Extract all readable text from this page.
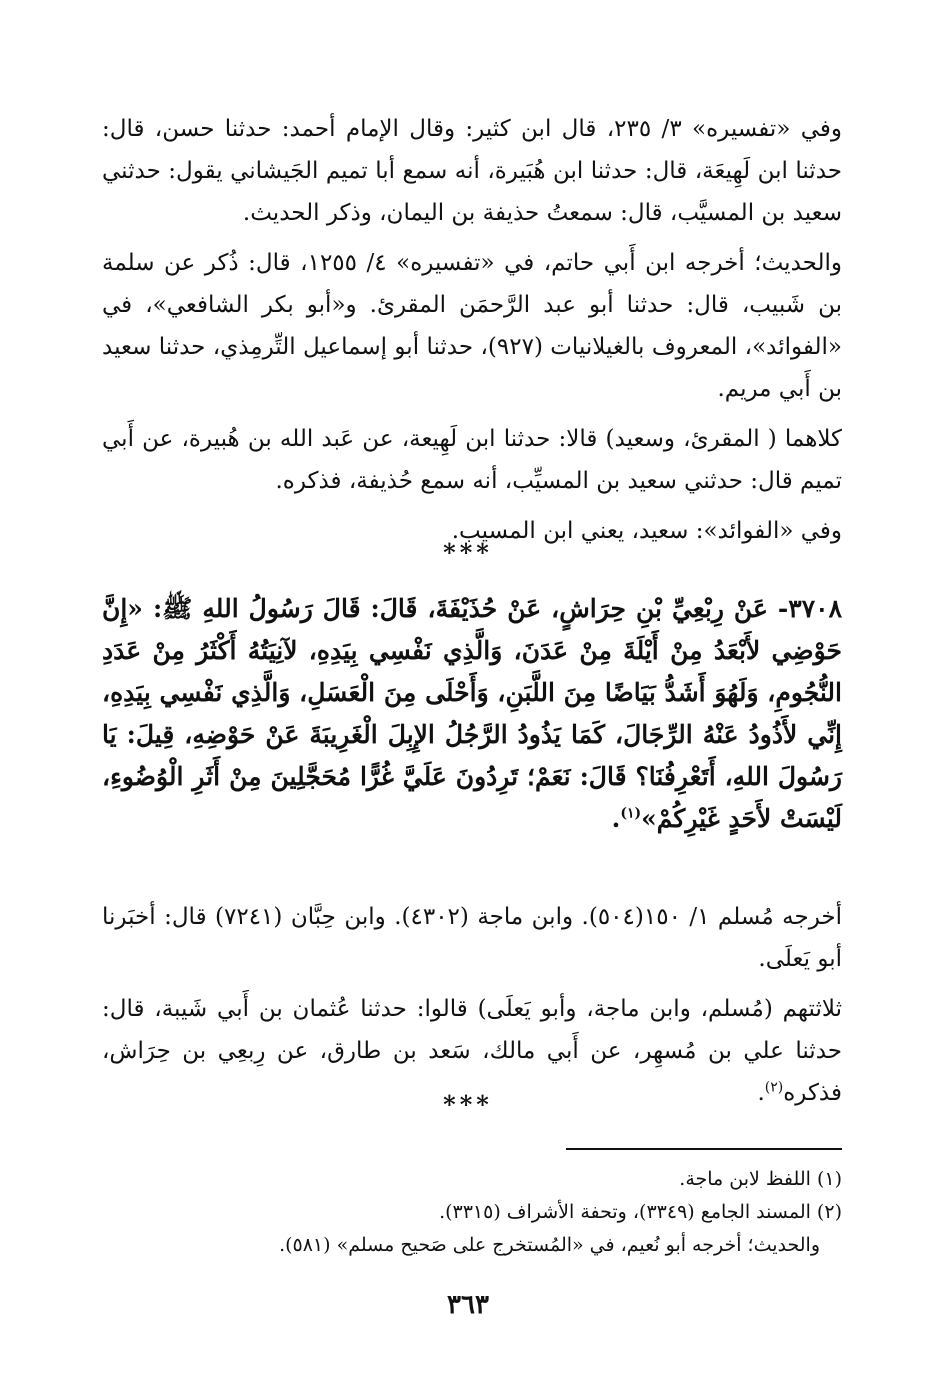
وفي «تفسيره» ٣/ ٢٣٥، قال ابن كثير: وقال الإمام أحمد: حدثنا حسن، قال: حدثنا ابن لَهِيعَة، قال: حدثنا ابن هُبَيرة، أنه سمع أبا تميم الجَيشاني يقول: حدثني سعيد بن المسيَّب، قال: سمعتُ حذيفة بن اليمان، وذكر الحديث.

والحديث؛ أخرجه ابن أَبي حاتم، في «تفسيره» ٤/ ١٢٥٥، قال: ذُكر عن سلمة بن شَبيب، قال: حدثنا أبو عبد الرَّحمَن المقرئ. و«أبو بكر الشافعي»، في «الفوائد»، المعروف بالغيلانيات (٩٢٧)، حدثنا أبو إسماعيل التِّرمِذي، حدثنا سعيد بن أَبي مريم.

كلاهما ( المقرئ، وسعيد) قالا: حدثنا ابن لَهِيعة، عن عَبد الله بن هُبيرة، عن أَبي تميم قال: حدثني سعيد بن المسيِّب، أنه سمع حُذيفة، فذكره.

وفي «الفوائد»: سعيد، يعني ابن المسيب.

***
٣٧٠٨- عَنْ رِبْعِيِّ بْنِ حِرَاشٍ، عَنْ حُذَيْفَةَ، قَالَ: قَالَ رَسُولُ اللهِ ﷺ: «إِنَّ حَوْضِي لأَبْعَدُ مِنْ أَيْلَةَ مِنْ عَدَنَ، وَالَّذِي نَفْسِي بِيَدِهِ، لآنِيَتُهُ أَكْثَرُ مِنْ عَدَدِ النُّجُومِ، وَلَهُوَ أَشَدُّ بَيَاضًا مِنَ اللَّبَنِ، وَأَحْلَى مِنَ الْعَسَلِ، وَالَّذِي نَفْسِي بِيَدِهِ، إِنِّي لأَذُودُ عَنْهُ الرِّجَالَ، كَمَا يَذُودُ الرَّجُلُ الإِبِلَ الْغَرِيبَةَ عَنْ حَوْضِهِ، قِيلَ: يَا رَسُولَ اللهِ، أَتَعْرِفُنَا؟ قَالَ: نَعَمْ؛ تَرِدُونَ عَلَيَّ غُرًّا مُحَجَّلِينَ مِنْ أَثَرِ الْوُضُوءِ، لَيْسَتْ لأَحَدٍ غَيْرِكُمْ»$^{(١)}$.

أخرجه مُسلم ١/ ١٥٠(٥٠٤). وابن ماجة (٤٣٠٢). وابن حِبَّان (٧٢٤١) قال: أخبَرنا أبو يَعلَى.

ثلاثتهم (مُسلم، وابن ماجة، وأبو يَعلَى) قالوا: حدثنا عُثمان بن أَبي شَيبة، قال: حدثنا علي بن مُسهِر، عن أَبي مالك، سَعد بن طارق، عن رِبعِي بن حِرَاش، فذكره$^{(٢)}$.

***
(١) اللفظ لابن ماجة.
(٢) المسند الجامع (٣٣٤٩)، وتحفة الأشراف (٣٣١٥).
والحديث؛ أخرجه أبو نُعيم، في «المُستخرج على صَحيح مسلم» (٥٨١).
٣٦٣
